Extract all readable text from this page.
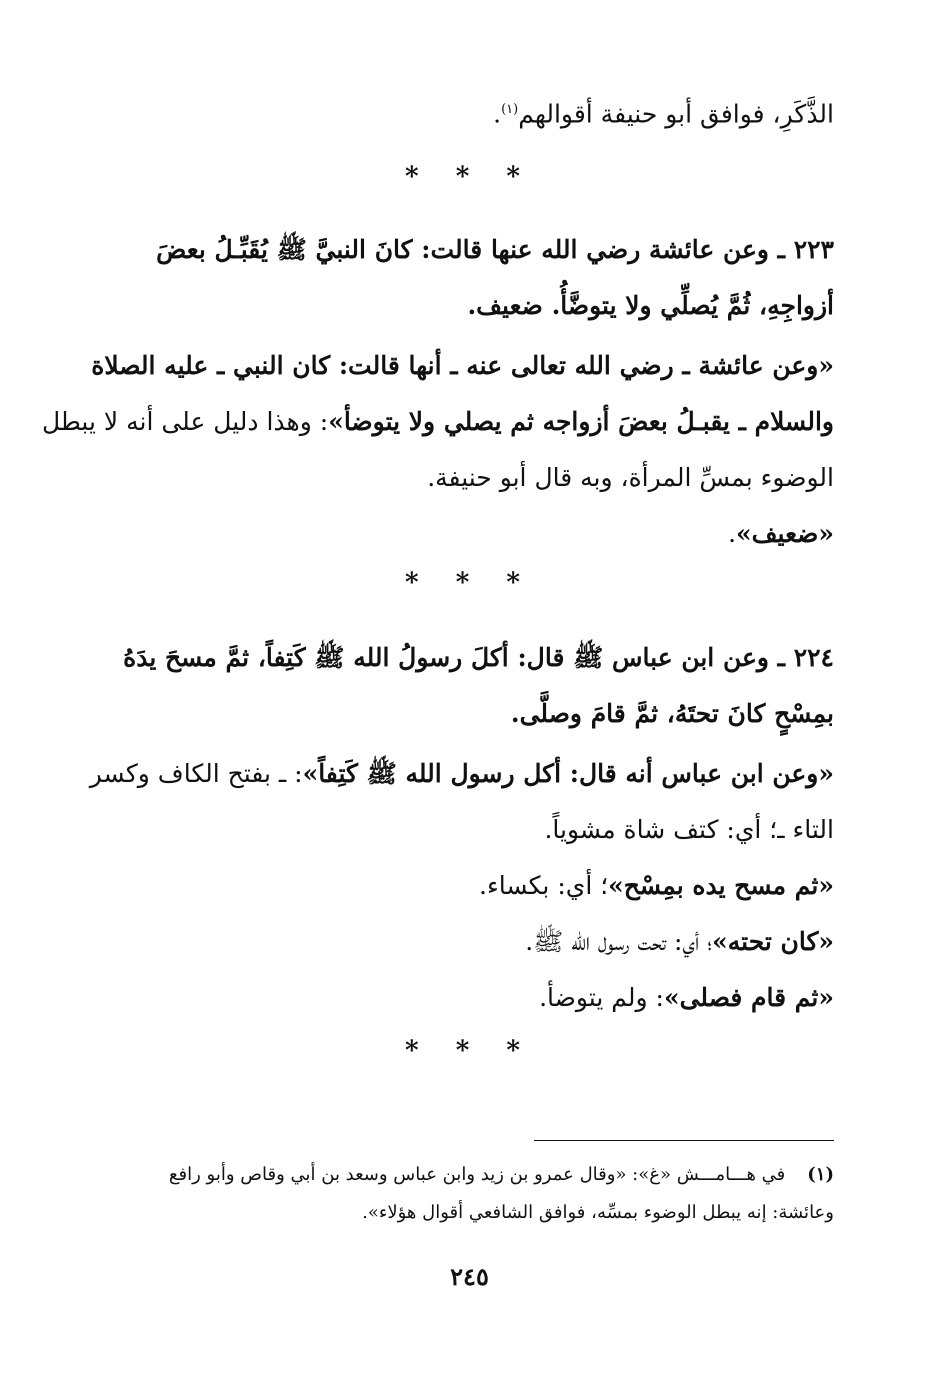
الذَّكَرِ، فوافق أبو حنيفة أقوالهم$^{(١)}$.
* * *
٢٢٣ ـ وعن عائشة رضي الله عنها قالت: كانَ النبيَّ ﷺ يُقَبِّـلُ بعضَ
أزواجِهِ، ثُمَّ يُصلِّي ولا يتوضَّأُ. ضعيف.
«وعن عائشة ـ رضي الله تعالى عنه ـ أنها قالت: كان النبي ـ عليه الصلاة
والسلام ـ يقبـلُ بعضَ أزواجه ثم يصلي ولا يتوضأ»: وهذا دليل على أنه لا يبطل
الوضوء بمسِّ المرأة، وبه قال أبو حنيفة.
«ضعيف».
* * *
٢٢٤ ـ وعن ابن عباس ﷺ قال: أكلَ رسولُ الله ﷺ كَتِفاً، ثمَّ مسحَ يدَهُ
بمِسْحٍ كانَ تحتَهُ، ثمَّ قامَ وصلَّى.
«وعن ابن عباس أنه قال: أكل رسول الله ﷺ كَتِفاً»: ـ بفتح الكاف وكسر
التاء ـ؛ أي: كتف شاة مشوياً.
«ثم مسح يده بمِسْح»؛ أي: بكساء.
«كان تحته»؛ أي: تحت رسول الله ﷺ.
«ثم قام فصلى»: ولم يتوضأ.
* * *
(١)في هـــامـــش «غ»: «وقال عمرو بن زيد وابن عباس وسعد بن أبي وقاص وأبو رافع
وعائشة: إنه يبطل الوضوء بمسِّه، فوافق الشافعي أقوال هؤلاء».
٢٤٥
